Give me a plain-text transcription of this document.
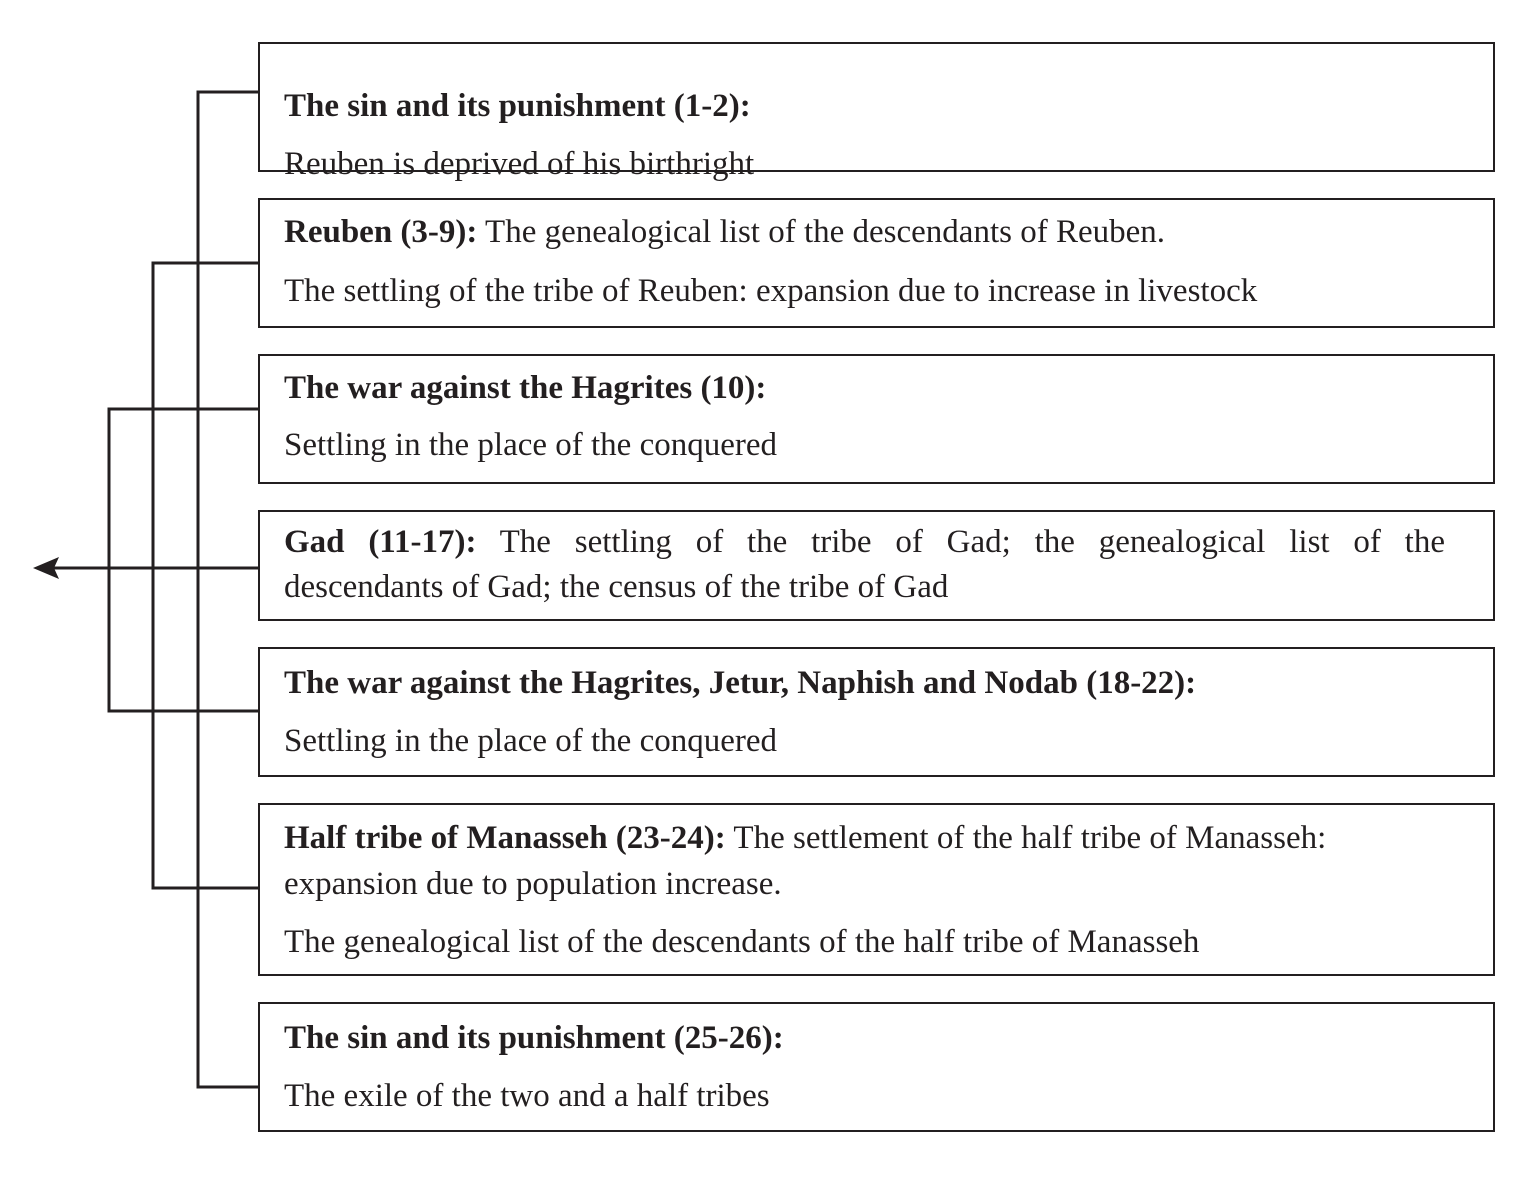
The sin and its punishment (1-2):
Reuben is deprived of his birthright
Reuben (3-9): The genealogical list of the descendants of Reuben.
The settling of the tribe of Reuben: expansion due to increase in livestock
The war against the Hagrites (10):
Settling in the place of the conquered
Gad (11-17): The settling of the tribe of Gad; the genealogical list of the
descendants of Gad; the census of the tribe of Gad
The war against the Hagrites, Jetur, Naphish and Nodab (18-22):
Settling in the place of the conquered
Half tribe of Manasseh (23-24): The settlement of the half tribe of Manasseh:
expansion due to population increase.
The genealogical list of the descendants of the half tribe of Manasseh
The sin and its punishment (25-26):
The exile of the two and a half tribes
